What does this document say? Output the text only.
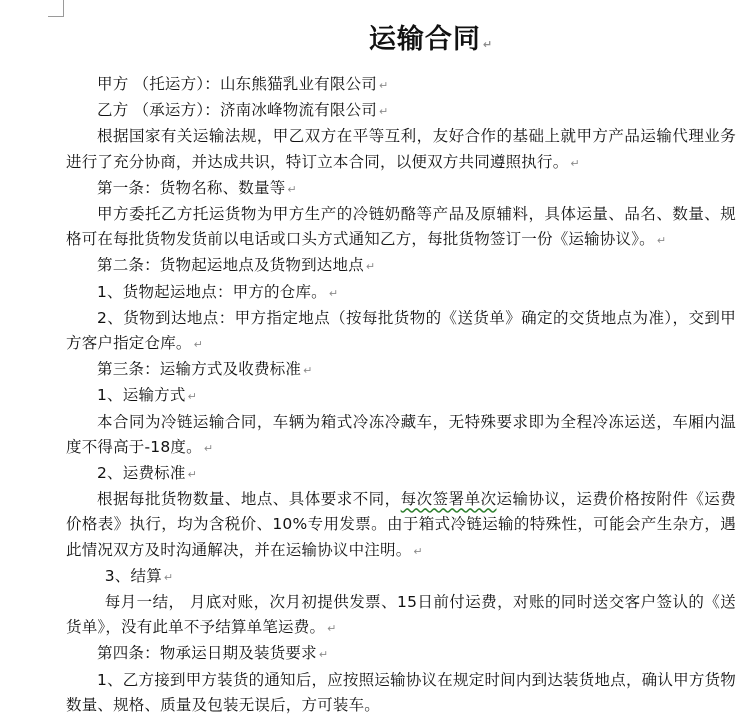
运输合同 ↵

甲方 （托运方）：山东熊猫乳业有限公司 ↵

乙方 （承运方）：济南冰峰物流有限公司 ↵

根据国家有关运输法规，甲乙双方在平等互利，友好合作的基础上就甲方产品运输代理业务进行了充分协商，并达成共识，特订立本合同，以便双方共同遵照执行。 ↵

第一条：货物名称、数量等 ↵

甲方委托乙方托运货物为甲方生产的冷链奶酪等产品及原辅料，具体运量、品名、数量、规格可在每批货物发货前以电话或口头方式通知乙方，每批货物签订一份《运输协议》。 ↵

第二条：货物起运地点及货物到达地点 ↵

1、货物起运地点：甲方的仓库。 ↵

2、货物到达地点：甲方指定地点（按每批货物的《送货单》确定的交货地点为准），交到甲方客户指定仓库。 ↵

第三条：运输方式及收费标准 ↵

1、运输方式 ↵

本合同为冷链运输合同，车辆为箱式冷冻冷藏车，无特殊要求即为全程冷冻运送，车厢内温度不得高于-18度。 ↵

2、运费标准 ↵

根据每批货物数量、地点、具体要求不同，每次签署单次运输协议，运费价格按附件《运费价格表》执行，均为含税价、10%专用发票。由于箱式冷链运输的特殊性，可能会产生杂方，遇此情况双方及时沟通解决，并在运输协议中注明。 ↵

3、结算 ↵

每月一结， 月底对账，次月初提供发票、15日前付运费，对账的同时送交客户签认的《送货单》，没有此单不予结算单笔运费。 ↵

第四条：物承运日期及装货要求 ↵

1、乙方接到甲方装货的通知后，应按照运输协议在规定时间内到达装货地点，确认甲方货物数量、规格、质量及包装无误后，方可装车。
